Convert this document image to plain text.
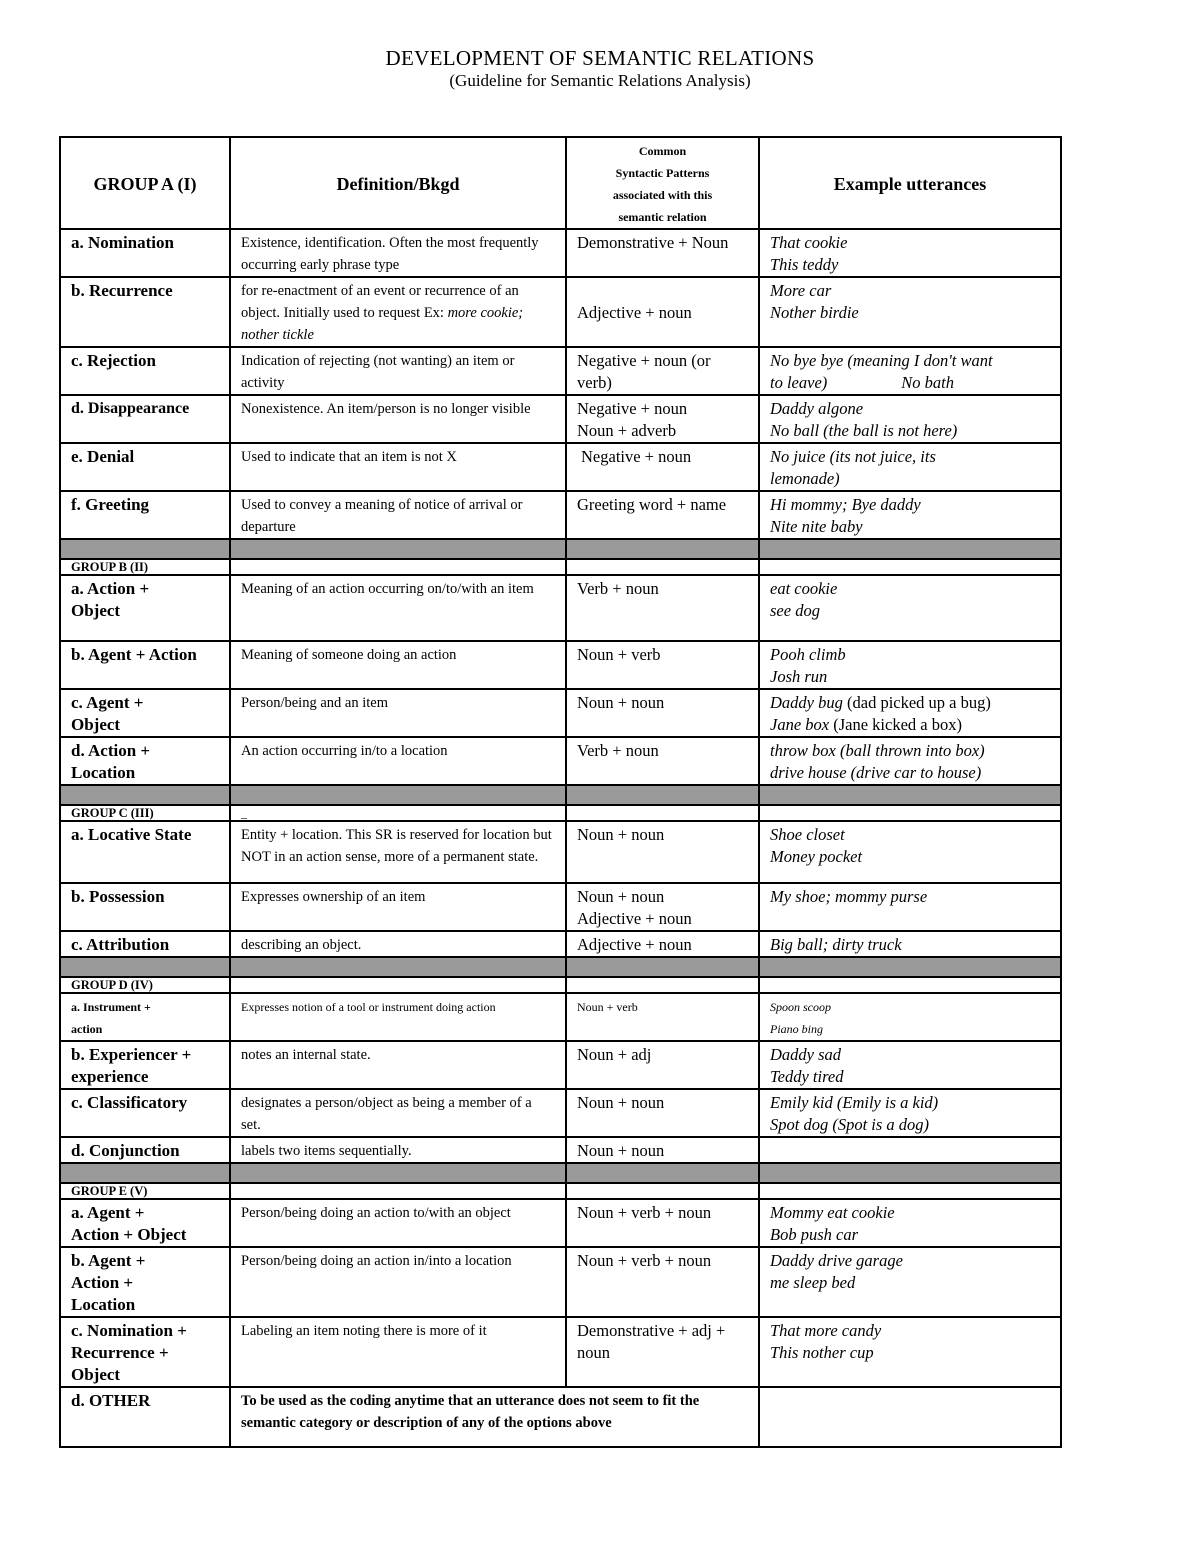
DEVELOPMENT OF SEMANTIC RELATIONS
(Guideline for Semantic Relations Analysis)
GROUP A (I)	Definition/Bkgd	Common
Syntactic Patterns
associated with this
semantic relation	Example utterances
a. Nomination	Existence, identification. Often the most frequently occurring early phrase type	Demonstrative + Noun	That cookie
This teddy

b. Recurrence	for re-enactment of an event or recurrence of an object. Initially used to request Ex: more cookie; nother tickle	Adjective + noun	More car
Nother birdie

c. Rejection	Indication of rejecting (not wanting) an item or activity	Negative + noun (or verb)	No bye bye (meaning I don't want
to leave) No bath

d. Disappearance	Nonexistence. An item/person is no longer visible	Negative + noun
Noun + adverb	Daddy algone
No ball (the ball is not here)

e. Denial	Used to indicate that an item is not X	Negative + noun	No juice (its not juice, its
lemonade)

f. Greeting	Used to convey a meaning of notice of arrival or departure	Greeting word + name	Hi mommy; Bye daddy
Nite nite baby

GROUP B (II)			

a. Action +
Object	Meaning of an action occurring on/to/with an item	Verb + noun	eat cookie
see dog

b. Agent + Action	Meaning of someone doing an action	Noun + verb	Pooh climb
Josh run

c. Agent +
Object	Person/being and an item	Noun + noun	Daddy bug (dad picked up a bug)
Jane box (Jane kicked a box)

d. Action +
Location	An action occurring in/to a location	Verb + noun	throw box (ball thrown into box)
drive house (drive car to house)

GROUP C (III)	_		
a. Locative State	Entity + location. This SR is reserved for location but NOT in an action sense, more of a permanent state.	Noun + noun	Shoe closet
Money pocket

b. Possession	Expresses ownership of an item	Noun + noun
Adjective + noun	My shoe; mommy purse
c. Attribution	describing an object.	Adjective + noun	Big ball; dirty truck

GROUP D (IV)			

a. Instrument +
action	Expresses notion of a tool or instrument doing action	Noun + verb	Spoon scoop
Piano bing

b. Experiencer +
experience	notes an internal state.	Noun + adj	Daddy sad
Teddy tired

c. Classificatory	designates a person/object as being a member of a set.	Noun + noun	Emily kid (Emily is a kid)
Spot dog (Spot is a dog)

d. Conjunction	labels two items sequentially.	Noun + noun	

GROUP E (V)			

a. Agent +
Action + Object	Person/being doing an action to/with an object	Noun + verb + noun	Mommy eat cookie
Bob push car

b. Agent +
Action +
Location	Person/being doing an action in/into a location	Noun + verb + noun	Daddy drive garage
me sleep bed

c. Nomination +
Recurrence +
Object	Labeling an item noting there is more of it	Demonstrative + adj + noun	That more candy
This nother cup

d. OTHER	To be used as the coding anytime that an utterance does not seem to fit the semantic category or description of any of the options above		
